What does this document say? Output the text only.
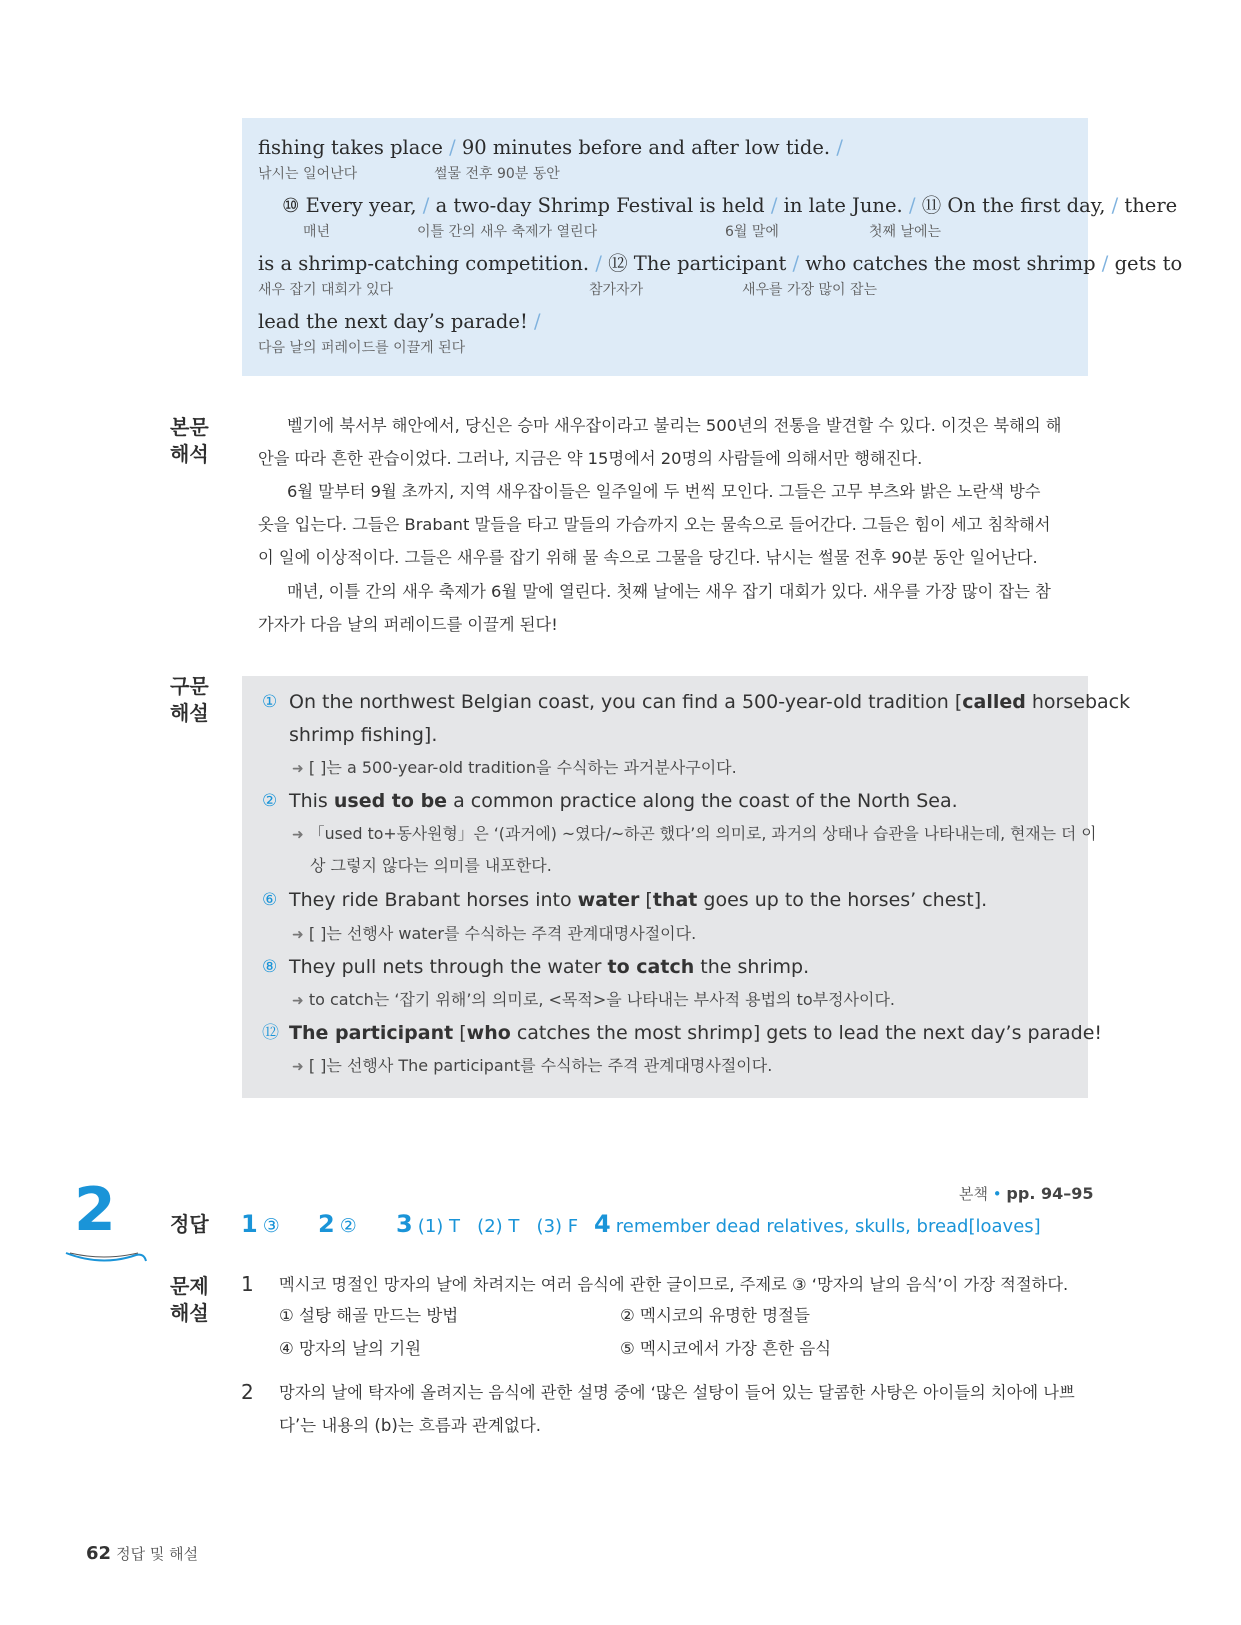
fishing takes place / 90 minutes before and after low tide. /
낚시는 일어난다	썰물 전후 90분 동안
⑩ Every year, / a two-day Shrimp Festival is held / in late June. / ⑪ On the first day, / there
매년	이틀 간의 새우 축제가 열린다	6월 말에	첫째 날에는
is a shrimp-catching competition. / ⑫ The participant / who catches the most shrimp / gets to
새우 잡기 대회가 있다	참가자가	새우를 가장 많이 잡는
lead the next day’s parade! /
다음 날의 퍼레이드를 이끌게 된다
본문
해석
벨기에 북서부 해안에서, 당신은 승마 새우잡이라고 불리는 500년의 전통을 발견할 수 있다. 이것은 북해의 해
안을 따라 흔한 관습이었다. 그러나, 지금은 약 15명에서 20명의 사람들에 의해서만 행해진다.
6월 말부터 9월 초까지, 지역 새우잡이들은 일주일에 두 번씩 모인다. 그들은 고무 부츠와 밝은 노란색 방수
옷을 입는다. 그들은 Brabant 말들을 타고 말들의 가슴까지 오는 물속으로 들어간다. 그들은 힘이 세고 침착해서
이 일에 이상적이다. 그들은 새우를 잡기 위해 물 속으로 그물을 당긴다. 낚시는 썰물 전후 90분 동안 일어난다.
매년, 이틀 간의 새우 축제가 6월 말에 열린다. 첫째 날에는 새우 잡기 대회가 있다. 새우를 가장 많이 잡는 참
가자가 다음 날의 퍼레이드를 이끌게 된다!
구문
해설	① On the northwest Belgian coast, you can find a 500-year-old tradition [called horseback
shrimp fishing].
➜ [ ]는 a 500-year-old tradition을 수식하는 과거분사구이다.
② This used to be a common practice along the coast of the North Sea.
➜ 「used to+동사원형」은 ‘(과거에) ~였다/~하곤 했다’의 의미로, 과거의 상태나 습관을 나타내는데, 현재는 더 이
상 그렇지 않다는 의미를 내포한다.
⑥ They ride Brabant horses into water [that goes up to the horses’ chest].
➜ [ ]는 선행사 water를 수식하는 주격 관계대명사절이다.
⑧ They pull nets through the water to catch the shrimp.
➜ to catch는 ‘잡기 위해’의 의미로, <목적>을 나타내는 부사적 용법의 to부정사이다.
⑫ The participant [who catches the most shrimp] gets to lead the next day’s parade!
➜ [ ]는 선행사 The participant를 수식하는 주격 관계대명사절이다.
본책 • pp. 94–95
2	정답	1 ③ 2 ② 3 (1) T   (2) T   (3) F 4 remember dead relatives, skulls, bread[loaves]
문제
해설
1 멕시코 명절인 망자의 날에 차려지는 여러 음식에 관한 글이므로, 주제로 ③ ‘망자의 날의 음식’이 가장 적절하다.
① 설탕 해골 만드는 방법	② 멕시코의 유명한 명절들
④ 망자의 날의 기원	⑤ 멕시코에서 가장 흔한 음식
2 망자의 날에 탁자에 올려지는 음식에 관한 설명 중에 ‘많은 설탕이 들어 있는 달콤한 사탕은 아이들의 치아에 나쁘
다’는 내용의 (b)는 흐름과 관계없다.
62 정답 및 해설
